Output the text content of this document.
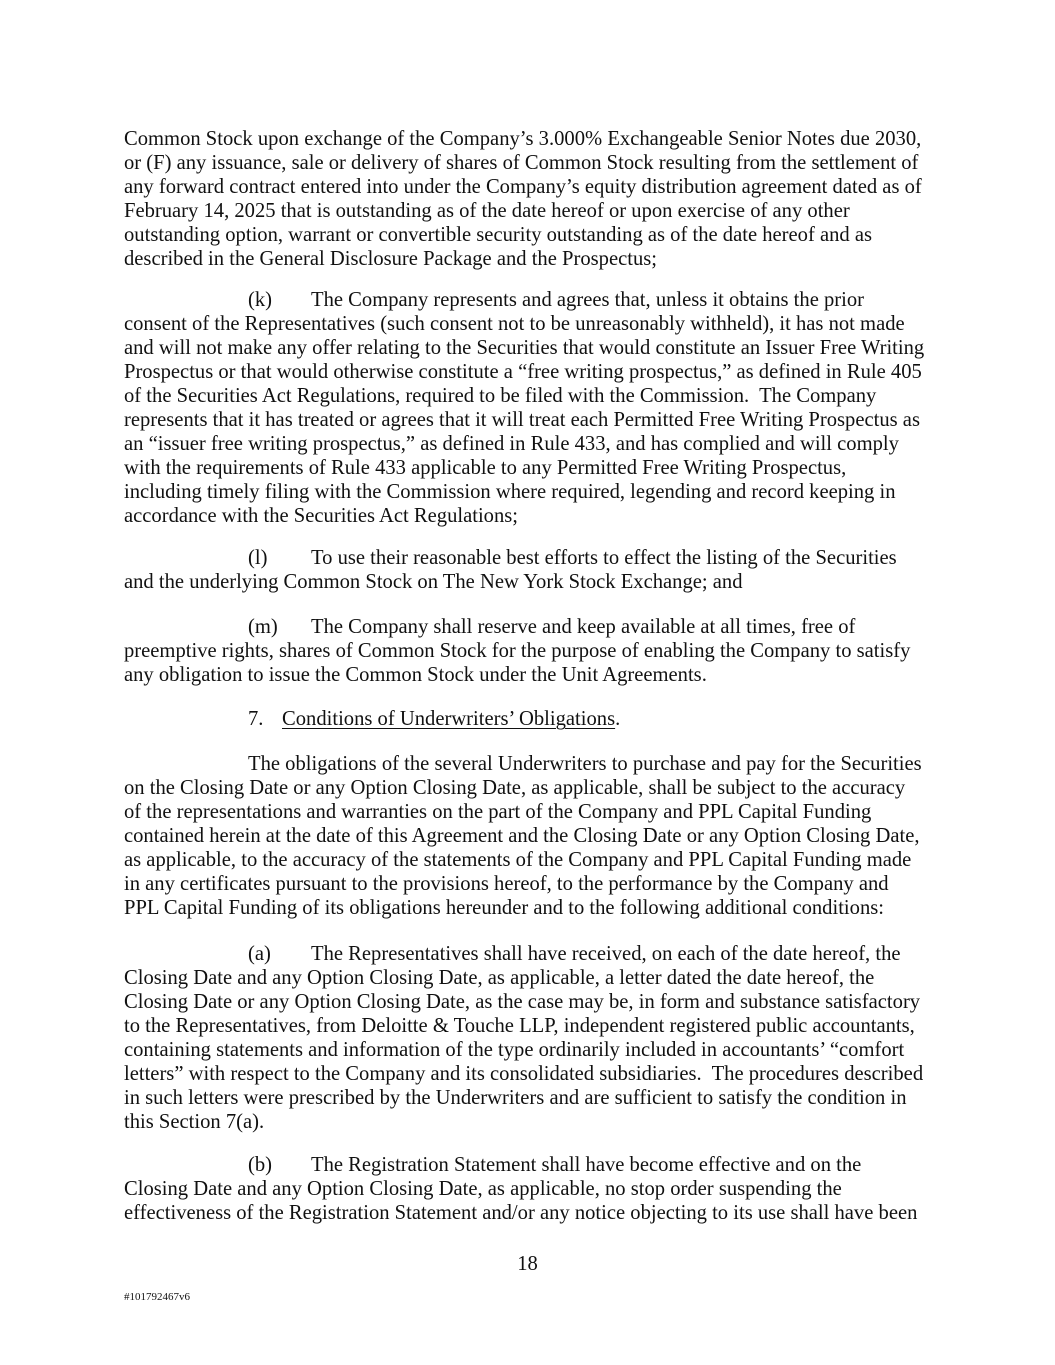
Common Stock upon exchange of the Company’s 3.000% Exchangeable Senior Notes due 2030,
or (F) any issuance, sale or delivery of shares of Common Stock resulting from the settlement of
any forward contract entered into under the Company’s equity distribution agreement dated as of
February 14, 2025 that is outstanding as of the date hereof or upon exercise of any other
outstanding option, warrant or convertible security outstanding as of the date hereof and as
described in the General Disclosure Package and the Prospectus;
(k) The Company represents and agrees that, unless it obtains the prior
consent of the Representatives (such consent not to be unreasonably withheld), it has not made
and will not make any offer relating to the Securities that would constitute an Issuer Free Writing
Prospectus or that would otherwise constitute a “free writing prospectus,” as defined in Rule 405
of the Securities Act Regulations, required to be filed with the Commission.  The Company
represents that it has treated or agrees that it will treat each Permitted Free Writing Prospectus as
an “issuer free writing prospectus,” as defined in Rule 433, and has complied and will comply
with the requirements of Rule 433 applicable to any Permitted Free Writing Prospectus,
including timely filing with the Commission where required, legending and record keeping in
accordance with the Securities Act Regulations;
(l) To use their reasonable best efforts to effect the listing of the Securities
and the underlying Common Stock on The New York Stock Exchange; and
(m) The Company shall reserve and keep available at all times, free of
preemptive rights, shares of Common Stock for the purpose of enabling the Company to satisfy
any obligation to issue the Common Stock under the Unit Agreements.
7. Conditions of Underwriters’ Obligations.
The obligations of the several Underwriters to purchase and pay for the Securities
on the Closing Date or any Option Closing Date, as applicable, shall be subject to the accuracy
of the representations and warranties on the part of the Company and PPL Capital Funding
contained herein at the date of this Agreement and the Closing Date or any Option Closing Date,
as applicable, to the accuracy of the statements of the Company and PPL Capital Funding made
in any certificates pursuant to the provisions hereof, to the performance by the Company and
PPL Capital Funding of its obligations hereunder and to the following additional conditions:
(a) The Representatives shall have received, on each of the date hereof, the
Closing Date and any Option Closing Date, as applicable, a letter dated the date hereof, the
Closing Date or any Option Closing Date, as the case may be, in form and substance satisfactory
to the Representatives, from Deloitte & Touche LLP, independent registered public accountants,
containing statements and information of the type ordinarily included in accountants’ “comfort
letters” with respect to the Company and its consolidated subsidiaries.  The procedures described
in such letters were prescribed by the Underwriters and are sufficient to satisfy the condition in
this Section 7(a).
(b) The Registration Statement shall have become effective and on the
Closing Date and any Option Closing Date, as applicable, no stop order suspending the
effectiveness of the Registration Statement and/or any notice objecting to its use shall have been
18
#101792467v6
